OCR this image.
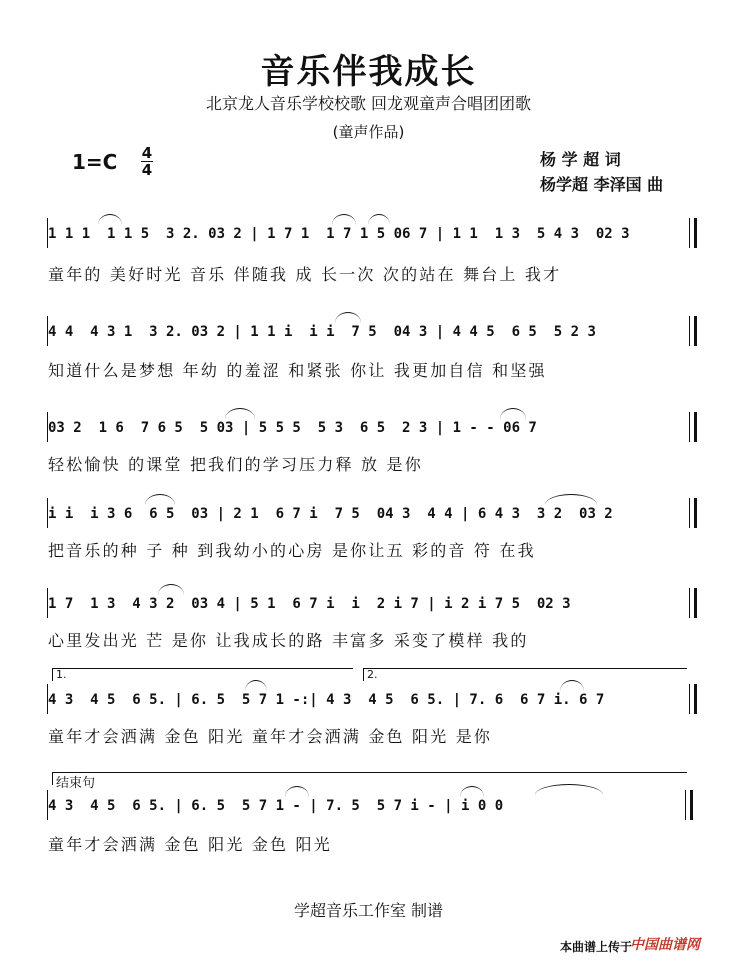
音乐伴我成长
北京龙人音乐学校校歌 回龙观童声合唱团团歌
(童声作品)
1=C 4
4
杨 学 超 词
杨学超 李泽国 曲
1 1 1  1 1 5  3 2. 03 2 | 1 7 1  1 7 1 5 06 7 | 1 1  1 3  5 4 3  02 3
童年的 美好时光 音乐 伴随我 成 长一次 次的站在 舞台上 我才
4 4  4 3 1  3 2. 03 2 | 1 1 i  i i  7 5  04 3 | 4 4 5  6 5  5 2 3
知道什么是梦想 年幼 的羞涩 和紧张 你让 我更加自信 和坚强
03 2  1 6  7 6 5  5 03 | 5 5 5  5 3  6 5  2 3 | 1 - - 06 7
轻松愉快 的课堂 把我们的学习压力释 放 是你
i i  i 3 6  6 5  03 | 2 1  6 7 i  7 5  04 3  4 4 | 6 4 3  3 2  03 2
把音乐的种 子 种 到我幼小的心房 是你让五 彩的音 符 在我
1 7  1 3  4 3 2  03 4 | 5 1  6 7 i  i  2 i 7 | i 2 i 7 5  02 3
心里发出光 芒 是你 让我成长的路 丰富多 采变了模样 我的
1.	2.
4 3  4 5  6 5. | 6. 5  5 7 1 -:| 4 3  4 5  6 5. | 7. 6  6 7 i. 6 7
童年才会洒满 金色 阳光 童年才会洒满 金色 阳光 是你
结束句
4 3  4 5  6 5. | 6. 5  5 7 1 - | 7. 5  5 7 i - | i 0 0
童年才会洒满 金色 阳光 金色 阳光
学超音乐工作室 制谱
本曲谱上传于
中国曲谱网
